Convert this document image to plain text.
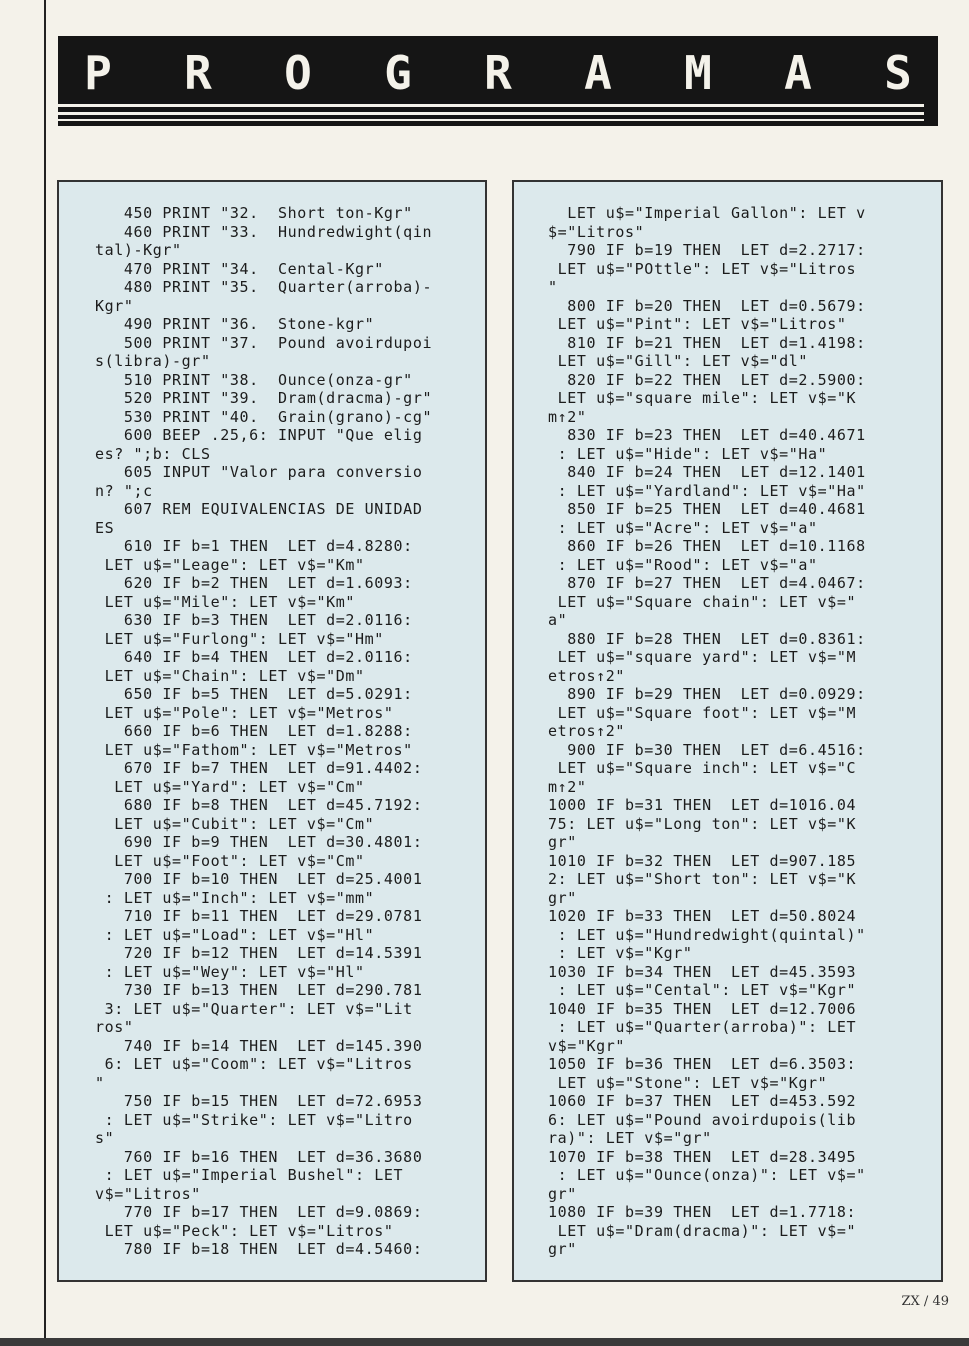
P R O G R A M A S
450 PRINT "32.  Short ton-Kgr"
460 PRINT "33.  Hundredwight(qin
tal)-Kgr"
470 PRINT "34.  Cental-Kgr"
480 PRINT "35.  Quarter(arroba)-
Kgr"
490 PRINT "36.  Stone-kgr"
500 PRINT "37.  Pound avoirdupoi
s(libra)-gr"
510 PRINT "38.  Ounce(onza-gr"
520 PRINT "39.  Dram(dracma)-gr"
530 PRINT "40.  Grain(grano)-cg"
600 BEEP .25,6: INPUT "Que elig
es? ";b: CLS
605 INPUT "Valor para conversio
n? ";c
607 REM EQUIVALENCIAS DE UNIDAD
ES
610 IF b=1 THEN  LET d=4.8280:
LET u$="Leage": LET v$="Km"
620 IF b=2 THEN  LET d=1.6093:
LET u$="Mile": LET v$="Km"
630 IF b=3 THEN  LET d=2.0116:
LET u$="Furlong": LET v$="Hm"
640 IF b=4 THEN  LET d=2.0116:
LET u$="Chain": LET v$="Dm"
650 IF b=5 THEN  LET d=5.0291:
LET u$="Pole": LET v$="Metros"
660 IF b=6 THEN  LET d=1.8288:
LET u$="Fathom": LET v$="Metros"
670 IF b=7 THEN  LET d=91.4402:
LET u$="Yard": LET v$="Cm"
680 IF b=8 THEN  LET d=45.7192:
LET u$="Cubit": LET v$="Cm"
690 IF b=9 THEN  LET d=30.4801:
LET u$="Foot": LET v$="Cm"
700 IF b=10 THEN  LET d=25.4001
: LET u$="Inch": LET v$="mm"
710 IF b=11 THEN  LET d=29.0781
: LET u$="Load": LET v$="Hl"
720 IF b=12 THEN  LET d=14.5391
: LET u$="Wey": LET v$="Hl"
730 IF b=13 THEN  LET d=290.781
3: LET u$="Quarter": LET v$="Lit
ros"
740 IF b=14 THEN  LET d=145.390
6: LET u$="Coom": LET v$="Litros
"
750 IF b=15 THEN  LET d=72.6953
: LET u$="Strike": LET v$="Litro
s"
760 IF b=16 THEN  LET d=36.3680
: LET u$="Imperial Bushel": LET
v$="Litros"
770 IF b=17 THEN  LET d=9.0869:
LET u$="Peck": LET v$="Litros"
780 IF b=18 THEN  LET d=4.5460:
LET u$="Imperial Gallon": LET v
$="Litros"
790 IF b=19 THEN  LET d=2.2717:
LET u$="POttle": LET v$="Litros
"
800 IF b=20 THEN  LET d=0.5679:
LET u$="Pint": LET v$="Litros"
810 IF b=21 THEN  LET d=1.4198:
LET u$="Gill": LET v$="dl"
820 IF b=22 THEN  LET d=2.5900:
LET u$="square mile": LET v$="K
m↑2"
830 IF b=23 THEN  LET d=40.4671
: LET u$="Hide": LET v$="Ha"
840 IF b=24 THEN  LET d=12.1401
: LET u$="Yardland": LET v$="Ha"
850 IF b=25 THEN  LET d=40.4681
: LET u$="Acre": LET v$="a"
860 IF b=26 THEN  LET d=10.1168
: LET u$="Rood": LET v$="a"
870 IF b=27 THEN  LET d=4.0467:
LET u$="Square chain": LET v$="
a"
880 IF b=28 THEN  LET d=0.8361:
LET u$="square yard": LET v$="M
etros↑2"
890 IF b=29 THEN  LET d=0.0929:
LET u$="Square foot": LET v$="M
etros↑2"
900 IF b=30 THEN  LET d=6.4516:
LET u$="Square inch": LET v$="C
m↑2"
1000 IF b=31 THEN  LET d=1016.04
75: LET u$="Long ton": LET v$="K
gr"
1010 IF b=32 THEN  LET d=907.185
2: LET u$="Short ton": LET v$="K
gr"
1020 IF b=33 THEN  LET d=50.8024
: LET u$="Hundredwight(quintal)"
: LET v$="Kgr"
1030 IF b=34 THEN  LET d=45.3593
: LET u$="Cental": LET v$="Kgr"
1040 IF b=35 THEN  LET d=12.7006
: LET u$="Quarter(arroba)": LET
v$="Kgr"
1050 IF b=36 THEN  LET d=6.3503:
LET u$="Stone": LET v$="Kgr"
1060 IF b=37 THEN  LET d=453.592
6: LET u$="Pound avoirdupois(lib
ra)": LET v$="gr"
1070 IF b=38 THEN  LET d=28.3495
: LET u$="Ounce(onza)": LET v$="
gr"
1080 IF b=39 THEN  LET d=1.7718:
LET u$="Dram(dracma)": LET v$="
gr"
ZX / 49
